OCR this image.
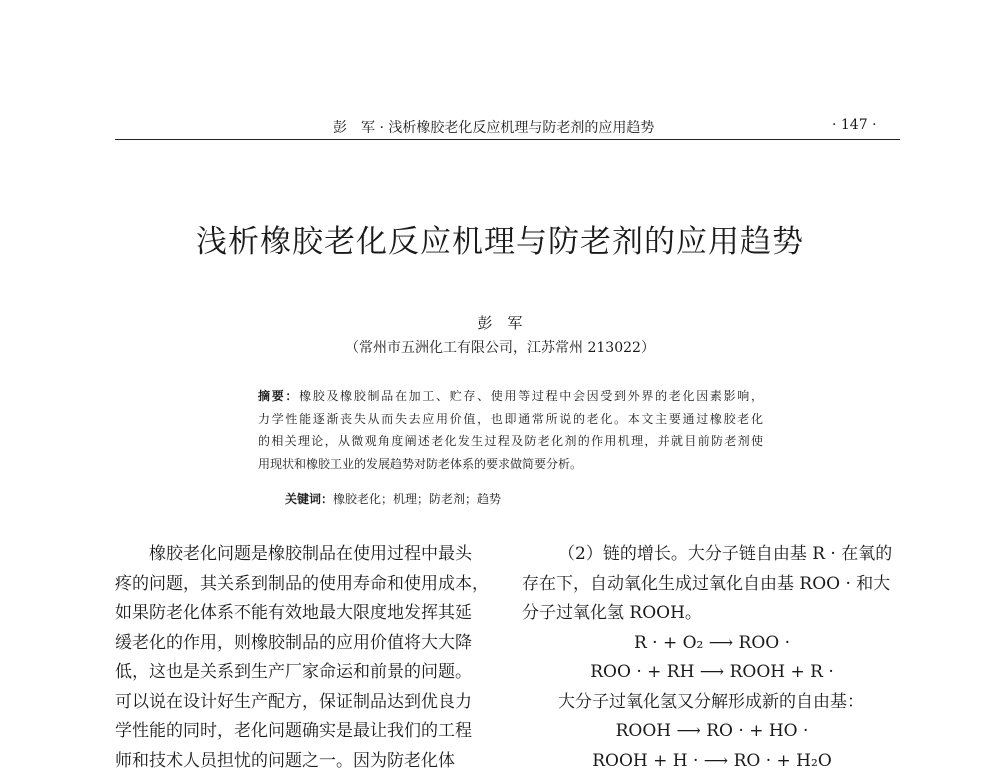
彭　军 · 浅析橡胶老化反应机理与防老剂的应用趋势	· 147 ·
浅析橡胶老化反应机理与防老剂的应用趋势
彭　军
（常州市五洲化工有限公司，江苏常州 213022）
摘要：橡胶及橡胶制品在加工、贮存、使用等过程中会因受到外界的老化因素影响，
力学性能逐渐丧失从而失去应用价值，也即通常所说的老化。本文主要通过橡胶老化
的相关理论，从微观角度阐述老化发生过程及防老化剂的作用机理，并就目前防老剂使
用现状和橡胶工业的发展趋势对防老体系的要求做简要分析。
关键词：橡胶老化；机理；防老剂；趋势
橡胶老化问题是橡胶制品在使用过程中最头
疼的问题，其关系到制品的使用寿命和使用成本，
如果防老化体系不能有效地最大限度地发挥其延
缓老化的作用，则橡胶制品的应用价值将大大降
低，这也是关系到生产厂家命运和前景的问题。
可以说在设计好生产配方，保证制品达到优良力
学性能的同时，老化问题确实是最让我们的工程
师和技术人员担忧的问题之一。因为防老化体
（2）链的增长。大分子链自由基 R · 在氧的
存在下，自动氧化生成过氧化自由基 ROO · 和大
分子过氧化氢 ROOH。
R · + O₂ ⟶ ROO ·
ROO · + RH ⟶ ROOH + R ·
大分子过氧化氢又分解形成新的自由基：
ROOH ⟶ RO · + HO ·
ROOH + H · ⟶ RO · + H₂O
